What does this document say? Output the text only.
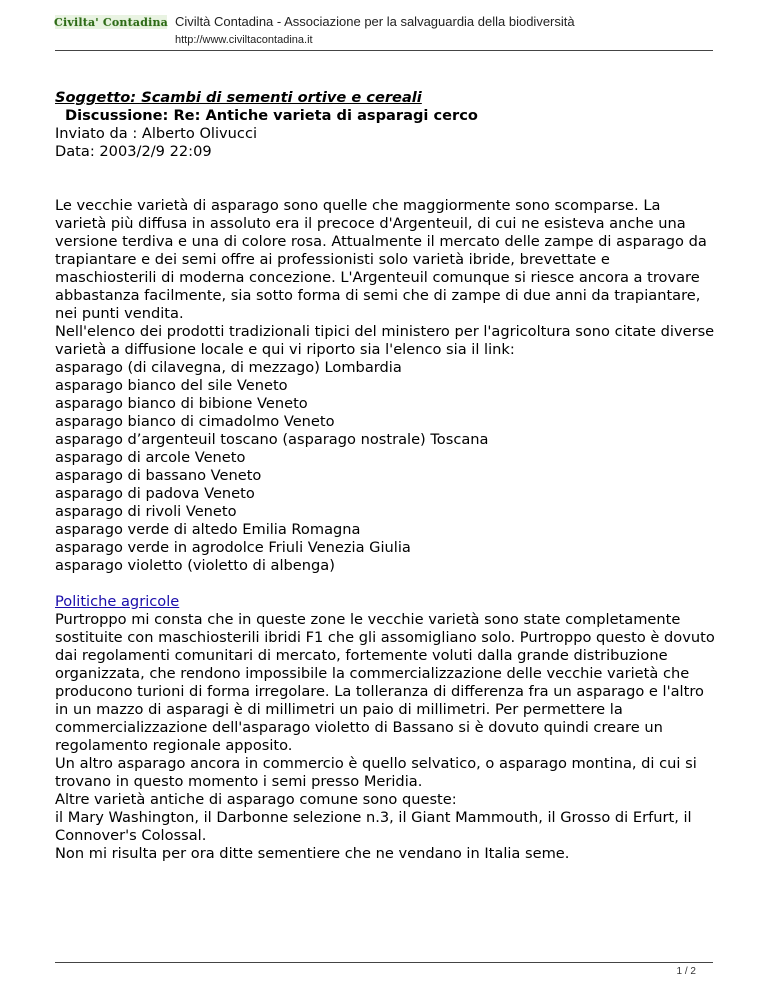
Civilta' Contadina Civiltà Contadina - Associazione per la salvaguardia della biodiversità
http://www.civiltacontadina.it
Soggetto: Scambi di sementi ortive e cereali
Discussione: Re: Antiche varieta di asparagi cerco
Inviato da : Alberto Olivucci
Data: 2003/2/9 22:09

Le vecchie varietà di asparago sono quelle che maggiormente sono scomparse. La varietà più diffusa in assoluto era il precoce d'Argenteuil, di cui ne esisteva anche una versione terdiva e una di colore rosa. Attualmente il mercato delle zampe di asparago da trapiantare e dei semi offre ai professionisti solo varietà ibride, brevettate e maschiosterili di moderna concezione. L'Argenteuil comunque si riesce ancora a trovare abbastanza facilmente, sia sotto forma di semi che di zampe di due anni da trapiantare, nei punti vendita.

Nell'elenco dei prodotti tradizionali tipici del ministero per l'agricoltura sono citate diverse varietà a diffusione locale e qui vi riporto sia l'elenco sia il link:

asparago (di cilavegna, di mezzago) Lombardia
asparago bianco del sile Veneto
asparago bianco di bibione Veneto
asparago bianco di cimadolmo Veneto
asparago d’argenteuil toscano (asparago nostrale) Toscana
asparago di arcole Veneto
asparago di bassano Veneto
asparago di padova Veneto
asparago di rivoli Veneto
asparago verde di altedo Emilia Romagna
asparago verde in agrodolce Friuli Venezia Giulia
asparago violetto (violetto di albenga)
Politiche agricole

Purtroppo mi consta che in queste zone le vecchie varietà sono state completamente sostituite con maschiosterili ibridi F1 che gli assomigliano solo. Purtroppo questo è dovuto dai regolamenti comunitari di mercato, fortemente voluti dalla grande distribuzione organizzata, che rendono impossibile la commercializzazione delle vecchie varietà che producono turioni di forma irregolare. La tolleranza di differenza fra un asparago e l'altro in un mazzo di asparagi è di millimetri un paio di millimetri. Per permettere la commercializzazione dell'asparago violetto di Bassano si è dovuto quindi creare un regolamento regionale apposito.

Un altro asparago ancora in commercio è quello selvatico, o asparago montina, di cui si trovano in questo momento i semi presso Meridia.

Altre varietà antiche di asparago comune sono queste:

il Mary Washington, il Darbonne selezione n.3, il Giant Mammouth, il Grosso di Erfurt, il Connover's Colossal.

Non mi risulta per ora ditte sementiere che ne vendano in Italia seme.

1 / 2
